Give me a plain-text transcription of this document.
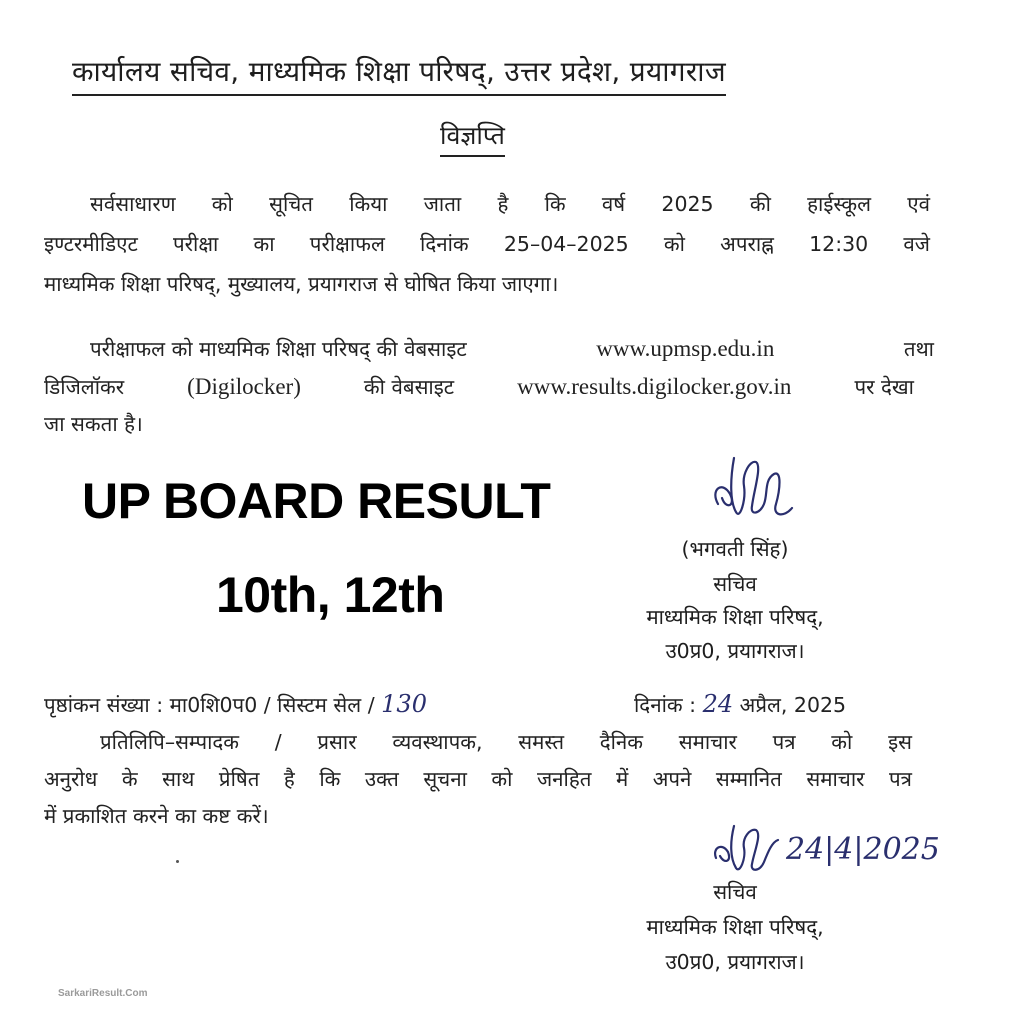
कार्यालय सचिव, माध्यमिक शिक्षा परिषद्, उत्तर प्रदेश, प्रयागराज
विज्ञप्ति
सर्वसाधारण को सूचित किया जाता है कि वर्ष 2025 की हाईस्कूल एवं
इण्टरमीडिएट परीक्षा का परीक्षाफल दिनांक 25–04–2025 को अपराह्न 12:30 वजे
माध्यमिक शिक्षा परिषद्, मुख्यालय, प्रयागराज से घोषित किया जाएगा।
परीक्षाफल को माध्यमिक शिक्षा परिषद् की वेबसाइट	www.upmsp.edu.in	तथा
डिजिलॉकर	(Digilocker)	की वेबसाइट	www.results.digilocker.gov.in	पर देखा
जा सकता है।
UP BOARD RESULT
10th, 12th
(भगवती सिंह)
सचिव
माध्यमिक शिक्षा परिषद्,
उ0प्र0, प्रयागराज।
पृष्ठांकन संख्या : मा0शि0प0 / सिस्टम सेल / 130	दिनांक : 24 अप्रैल, 2025
प्रतिलिपि–सम्पादक / प्रसार व्यवस्थापक, समस्त दैनिक समाचार पत्र को इस
अनुरोध के साथ प्रेषित है कि उक्त सूचना को जनहित में अपने सम्मानित समाचार पत्र
में प्रकाशित करने का कष्ट करें।
24|4|2025
सचिव
माध्यमिक शिक्षा परिषद्,
उ0प्र0, प्रयागराज।
SarkariResult.Com
